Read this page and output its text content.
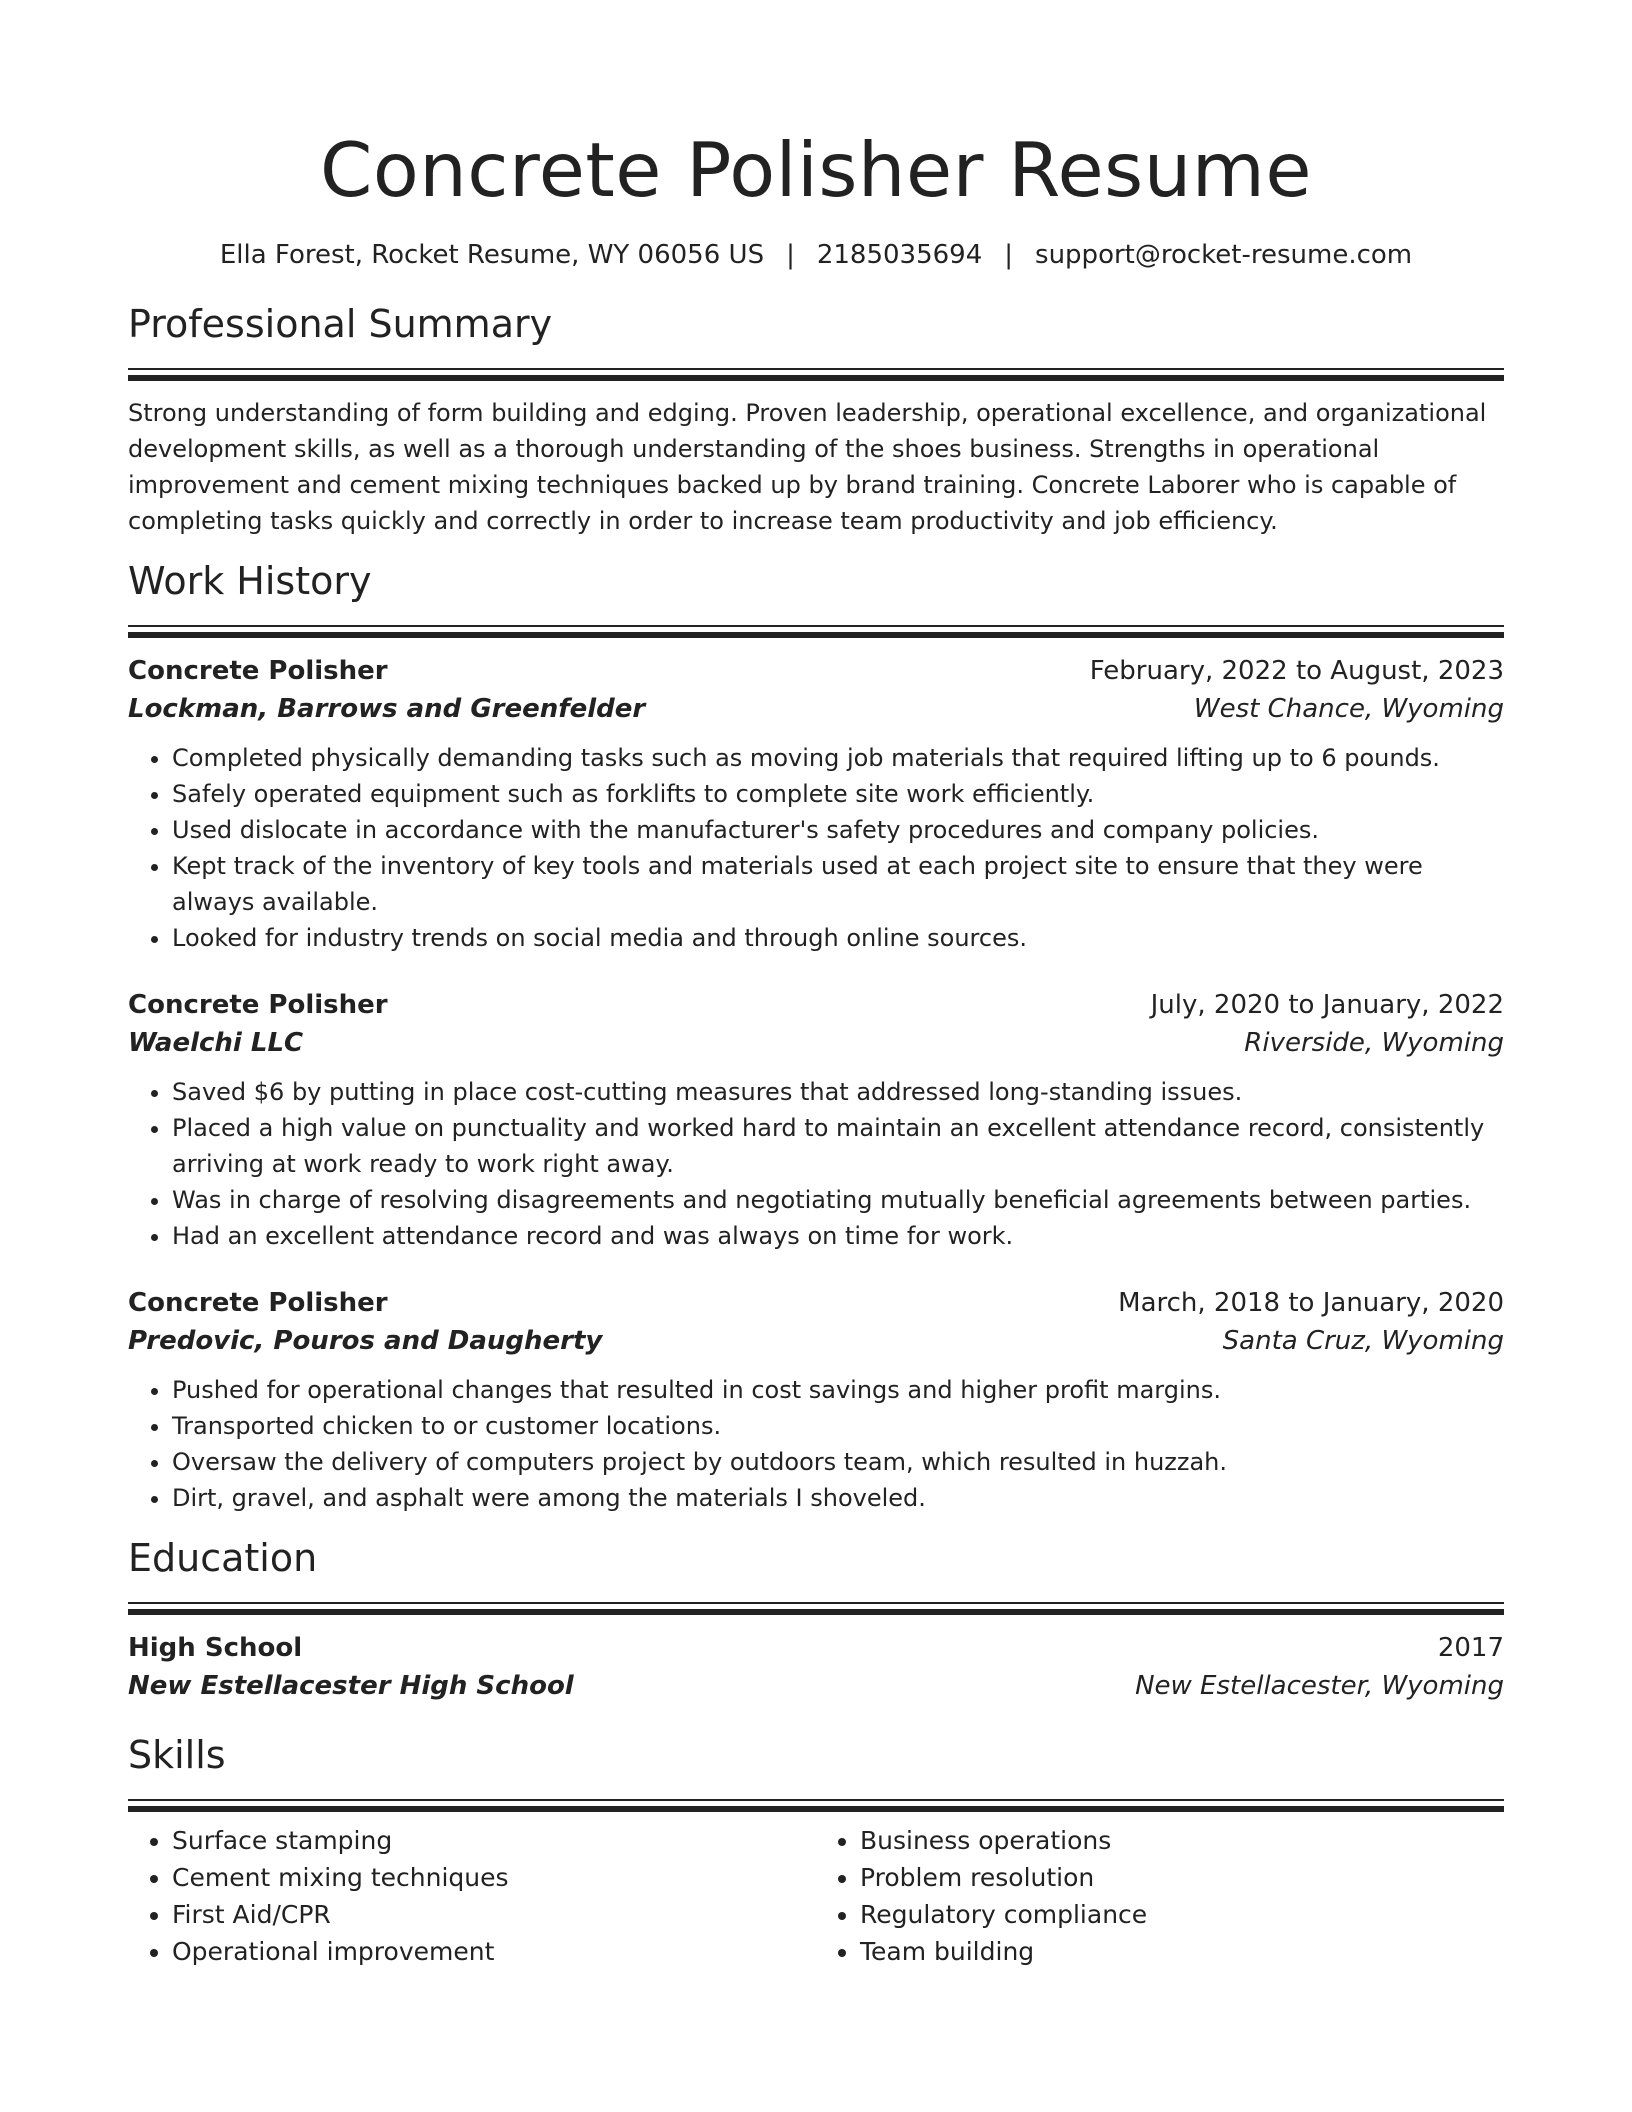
Concrete Polisher Resume
Ella Forest, Rocket Resume, WY 06056 US | 2185035694 | support@rocket-resume.com
Professional Summary
Strong understanding of form building and edging. Proven leadership, operational excellence, and organizational development skills, as well as a thorough understanding of the shoes business. Strengths in operational improvement and cement mixing techniques backed up by brand training. Concrete Laborer who is capable of completing tasks quickly and correctly in order to increase team productivity and job efficiency.
Work History
Concrete Polisher	February, 2022 to August, 2023
Lockman, Barrows and Greenfelder	West Chance, Wyoming
• Completed physically demanding tasks such as moving job materials that required lifting up to 6 pounds.
• Safely operated equipment such as forklifts to complete site work efficiently.
• Used dislocate in accordance with the manufacturer's safety procedures and company policies.
• Kept track of the inventory of key tools and materials used at each project site to ensure that they were always available.
• Looked for industry trends on social media and through online sources.
Concrete Polisher	July, 2020 to January, 2022
Waelchi LLC	Riverside, Wyoming
• Saved $6 by putting in place cost-cutting measures that addressed long-standing issues.
• Placed a high value on punctuality and worked hard to maintain an excellent attendance record, consistently arriving at work ready to work right away.
• Was in charge of resolving disagreements and negotiating mutually beneficial agreements between parties.
• Had an excellent attendance record and was always on time for work.
Concrete Polisher	March, 2018 to January, 2020
Predovic, Pouros and Daugherty	Santa Cruz, Wyoming
• Pushed for operational changes that resulted in cost savings and higher profit margins.
• Transported chicken to or customer locations.
• Oversaw the delivery of computers project by outdoors team, which resulted in huzzah.
• Dirt, gravel, and asphalt were among the materials I shoveled.
Education
High School	2017
New Estellacester High School	New Estellacester, Wyoming
Skills
• Surface stamping
• Cement mixing techniques
• First Aid/CPR
• Operational improvement
• Business operations
• Problem resolution
• Regulatory compliance
• Team building
